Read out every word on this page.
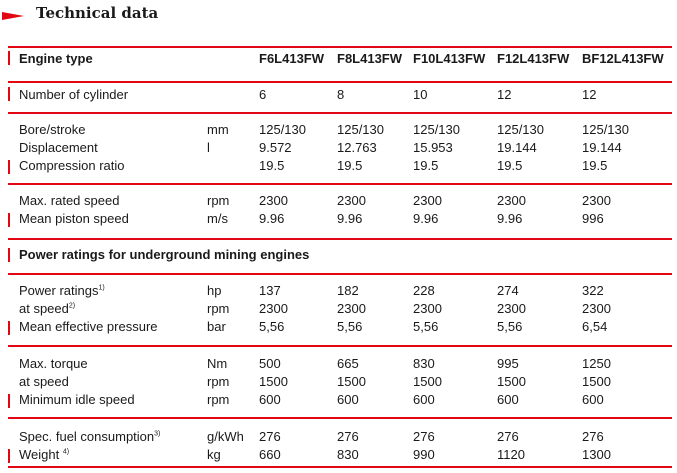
Technical data
Engine type	F6L413FW F8L413FW F10L413FW F12L413FW BF12L413FW
Number of cylinder	6	8	10	12	12
Bore/stroke	mm 125/130 125/130 125/130	125/130	125/130
Displacement	l	9.572	12.763	15.953	19.144	19.144
Compression ratio	19.5	19.5	19.5	19.5	19.5
Max. rated speed	rpm 2300	2300	2300	2300	2300
Mean piston speed	m/s 9.96	9.96	9.96	9.96	996
Power ratings for underground mining engines
Power ratings$^{1)}$	hp	137	182	228	274	322
at speed$^{2)}$	rpm 2300	2300	2300	2300	2300
Mean effective pressure	bar	5,56	5,56	5,56	5,56	6,54
Max. torque	Nm 500	665	830	995	1250
at speed	rpm 1500	1500	1500	1500	1500
Minimum idle speed	rpm 600	600	600	600	600
Spec. fuel consumption$^{3)}$	g/kWh 276	276	276	276	276
Weight $^{4)}$	kg	660	830	990	1120	1300
